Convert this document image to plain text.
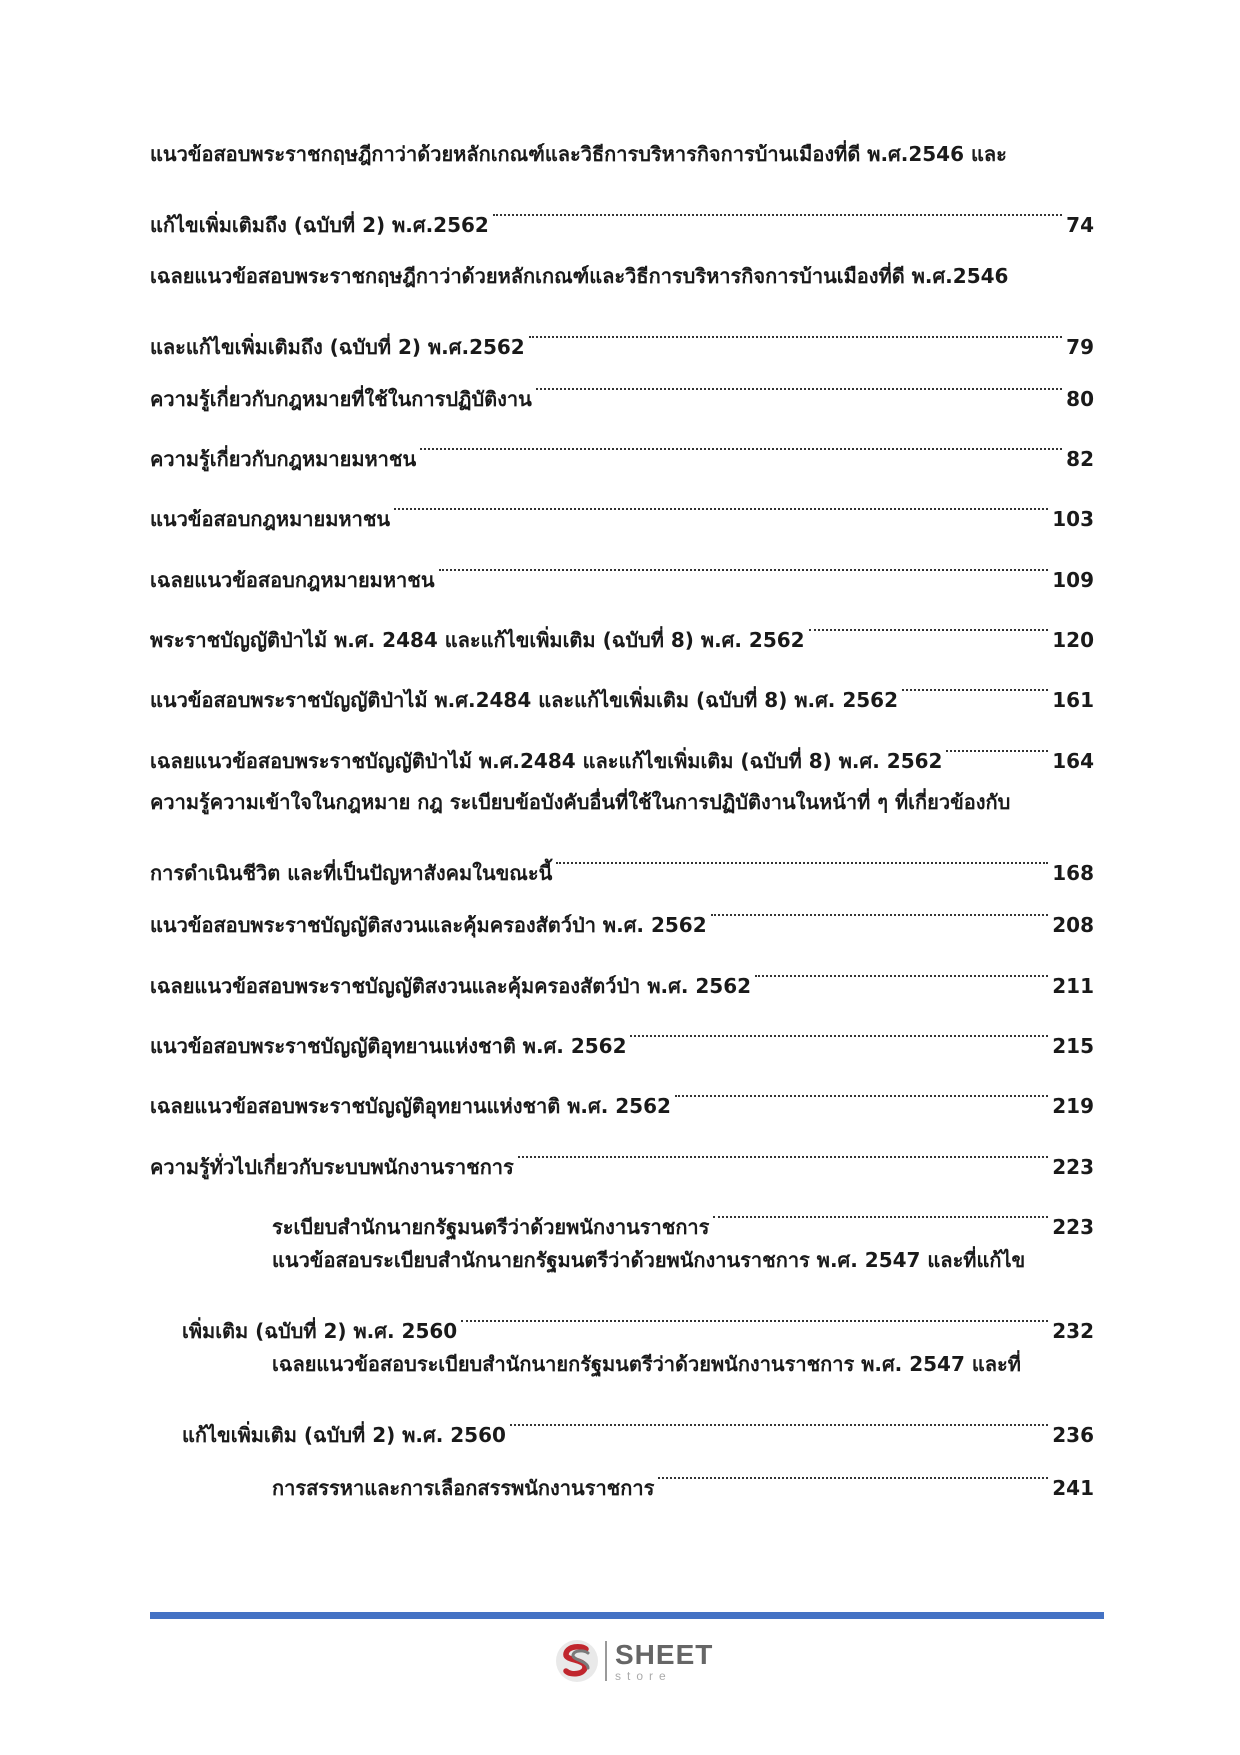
แนวข้อสอบพระราชกฤษฎีกาว่าด้วยหลักเกณฑ์และวิธีการบริหารกิจการบ้านเมืองที่ดี พ.ศ.2546 และ
แก้ไขเพิ่มเติมถึง (ฉบับที่ 2) พ.ศ.2562	74
เฉลยแนวข้อสอบพระราชกฤษฎีกาว่าด้วยหลักเกณฑ์และวิธีการบริหารกิจการบ้านเมืองที่ดี พ.ศ.2546
และแก้ไขเพิ่มเติมถึง (ฉบับที่ 2) พ.ศ.2562	79
ความรู้เกี่ยวกับกฎหมายที่ใช้ในการปฏิบัติงาน	80
ความรู้เกี่ยวกับกฎหมายมหาชน	82
แนวข้อสอบกฎหมายมหาชน	103
เฉลยแนวข้อสอบกฎหมายมหาชน	109
พระราชบัญญัติป่าไม้ พ.ศ. 2484 และแก้ไขเพิ่มเติม (ฉบับที่ 8) พ.ศ. 2562	120
แนวข้อสอบพระราชบัญญัติป่าไม้ พ.ศ.2484 และแก้ไขเพิ่มเติม (ฉบับที่ 8) พ.ศ. 2562	161
เฉลยแนวข้อสอบพระราชบัญญัติป่าไม้ พ.ศ.2484 และแก้ไขเพิ่มเติม (ฉบับที่ 8) พ.ศ. 2562	164
ความรู้ความเข้าใจในกฎหมาย กฎ ระเบียบข้อบังคับอื่นที่ใช้ในการปฏิบัติงานในหน้าที่ ๆ ที่เกี่ยวข้องกับ
การดำเนินชีวิต และที่เป็นปัญหาสังคมในขณะนี้	168
แนวข้อสอบพระราชบัญญัติสงวนและคุ้มครองสัตว์ป่า พ.ศ. 2562	208
เฉลยแนวข้อสอบพระราชบัญญัติสงวนและคุ้มครองสัตว์ป่า พ.ศ. 2562	211
แนวข้อสอบพระราชบัญญัติอุทยานแห่งชาติ พ.ศ. 2562	215
เฉลยแนวข้อสอบพระราชบัญญัติอุทยานแห่งชาติ พ.ศ. 2562	219
ความรู้ทั่วไปเกี่ยวกับระบบพนักงานราชการ	223
ระเบียบสำนักนายกรัฐมนตรีว่าด้วยพนักงานราชการ	223
แนวข้อสอบระเบียบสำนักนายกรัฐมนตรีว่าด้วยพนักงานราชการ พ.ศ. 2547 และที่แก้ไข
เพิ่มเติม (ฉบับที่ 2) พ.ศ. 2560	232
เฉลยแนวข้อสอบระเบียบสำนักนายกรัฐมนตรีว่าด้วยพนักงานราชการ พ.ศ. 2547 และที่
แก้ไขเพิ่มเติม (ฉบับที่ 2) พ.ศ. 2560	236
การสรรหาและการเลือกสรรพนักงานราชการ	241
SHEET
store
